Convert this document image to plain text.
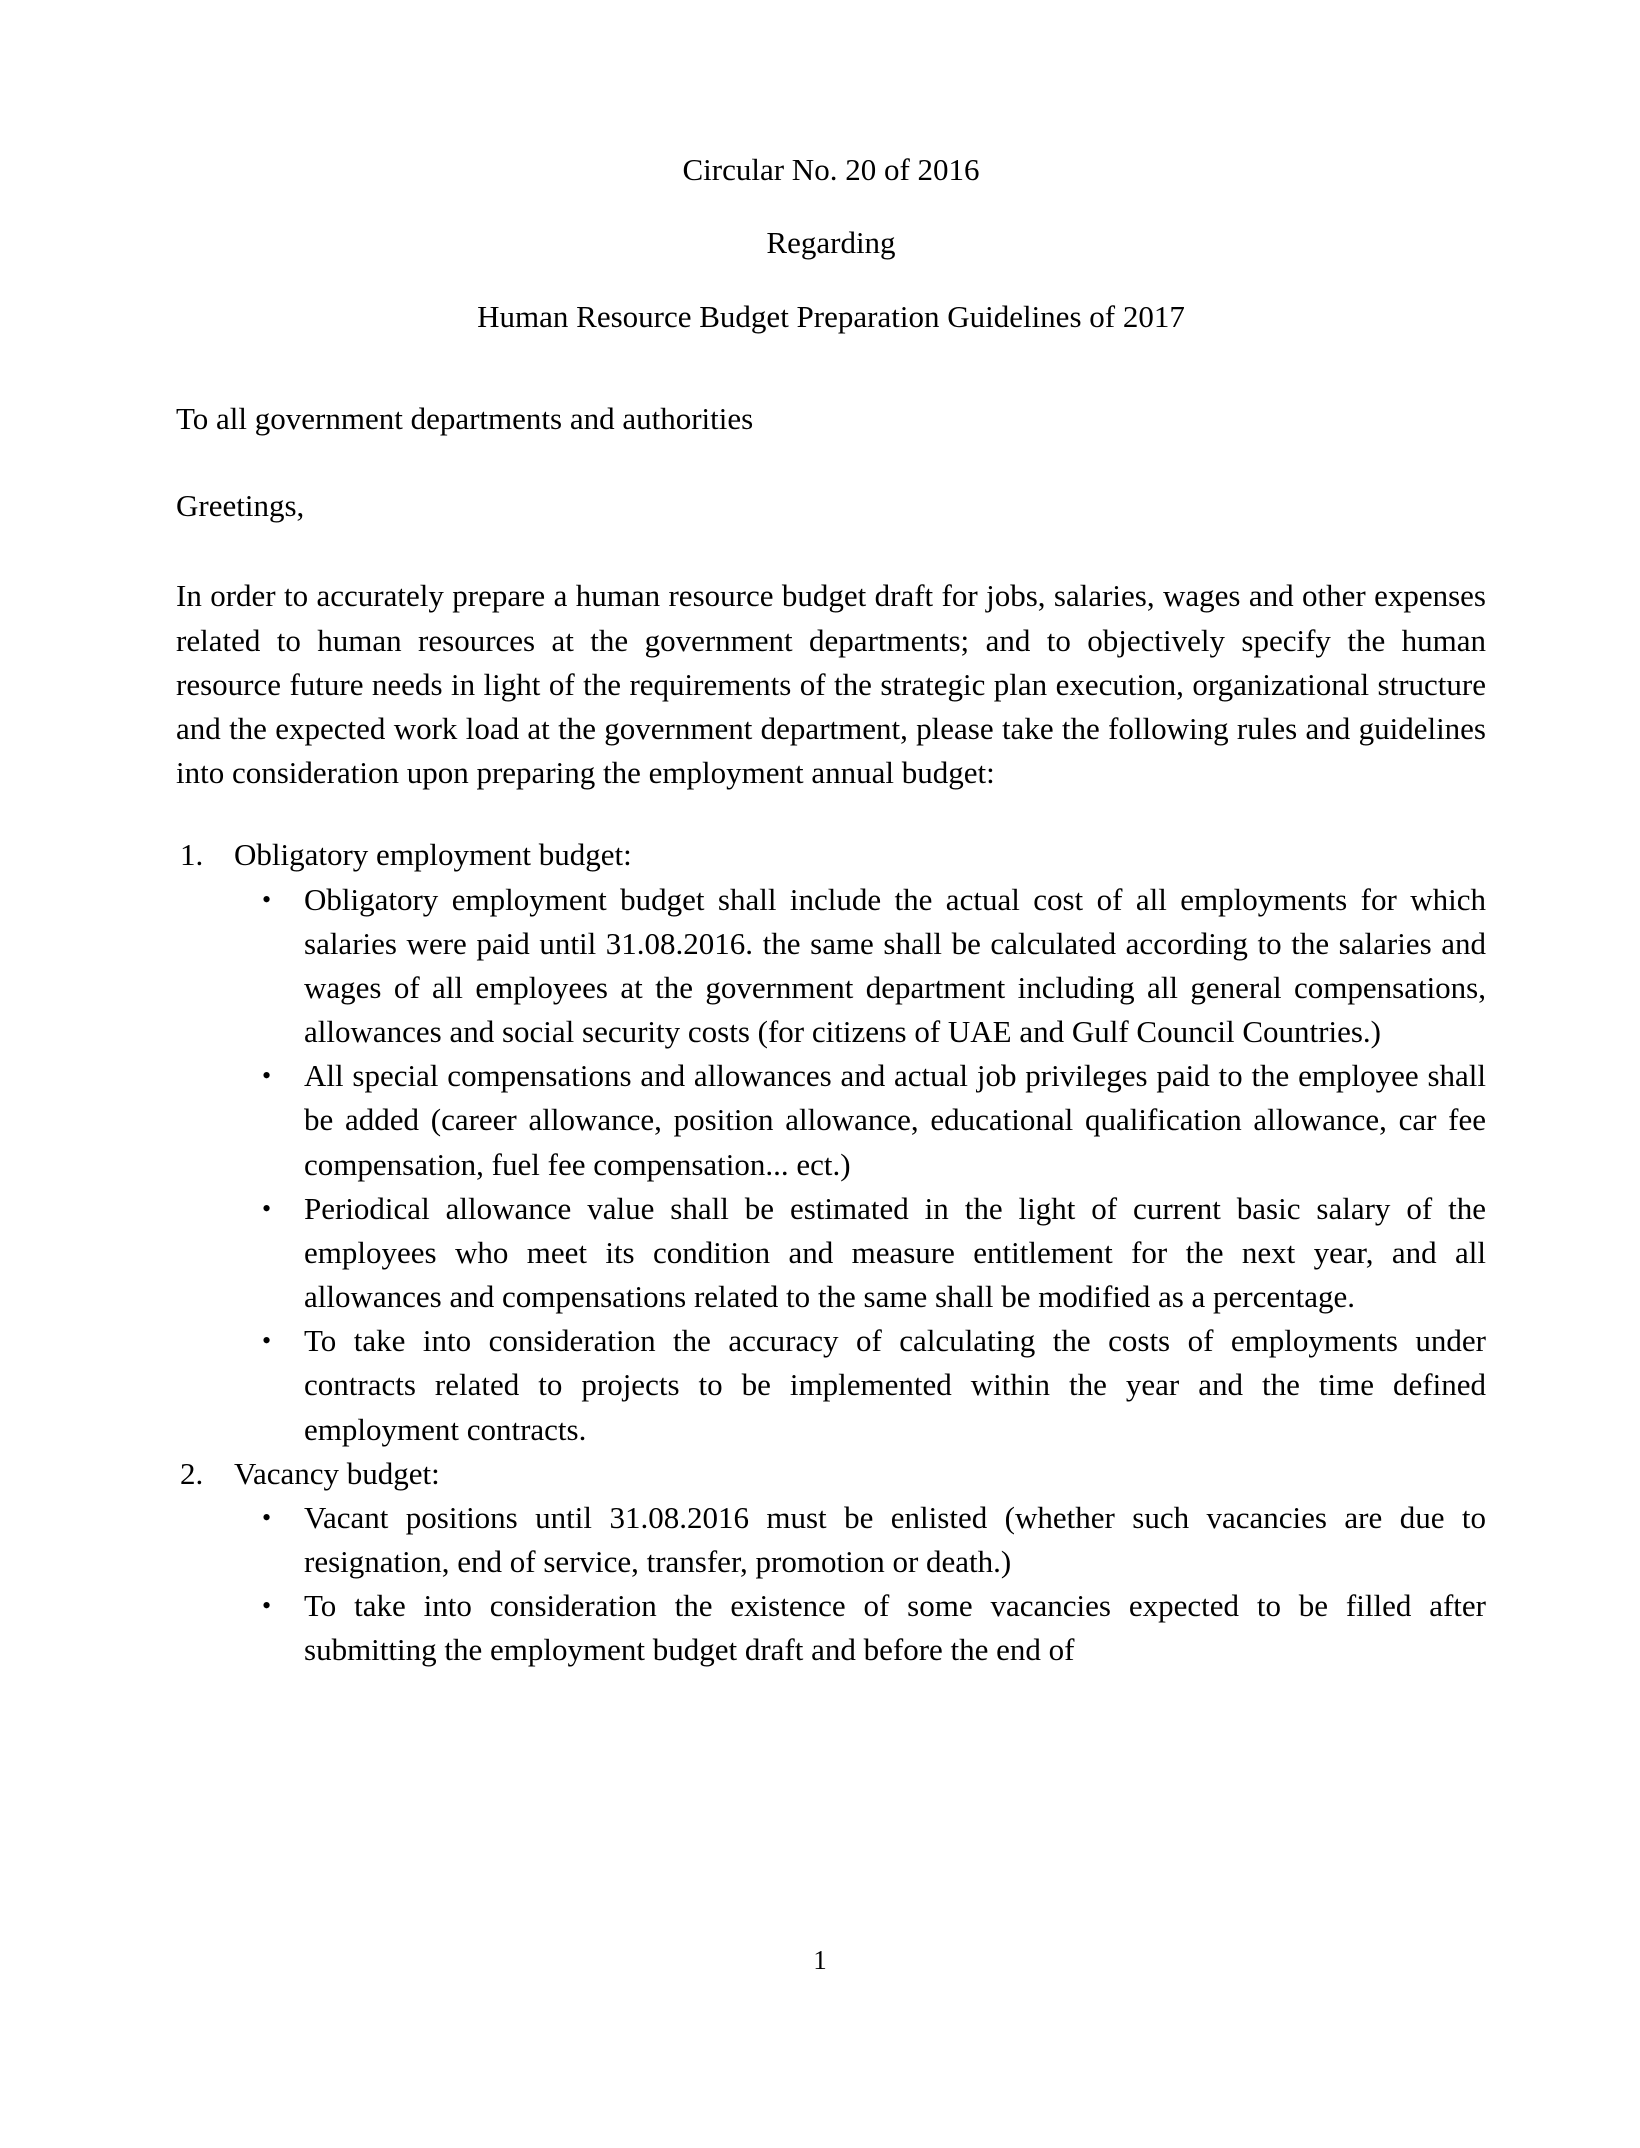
Circular No. 20 of 2016
Regarding
Human Resource Budget Preparation Guidelines of 2017
To all government departments and authorities
Greetings,

In order to accurately prepare a human resource budget draft for jobs, salaries, wages and other expenses related to human resources at the government departments; and to objectively specify the human resource future needs in light of the requirements of the strategic plan execution, organizational structure and the expected work load at the government department, please take the following rules and guidelines into consideration upon preparing the employment annual budget:

1. Obligatory employment budget:
• Obligatory employment budget shall include the actual cost of all employments for which salaries were paid until 31.08.2016. the same shall be calculated according to the salaries and wages of all employees at the government department including all general compensations, allowances and social security costs (for citizens of UAE and Gulf Council Countries.)
• All special compensations and allowances and actual job privileges paid to the employee shall be added (career allowance, position allowance, educational qualification allowance, car fee compensation, fuel fee compensation... ect.)
• Periodical allowance value shall be estimated in the light of current basic salary of the employees who meet its condition and measure entitlement for the next year, and all allowances and compensations related to the same shall be modified as a percentage.
• To take into consideration the accuracy of calculating the costs of employments under contracts related to projects to be implemented within the year and the time defined employment contracts.
2. Vacancy budget:
• Vacant positions until 31.08.2016 must be enlisted (whether such vacancies are due to resignation, end of service, transfer, promotion or death.)
• To take into consideration the existence of some vacancies expected to be filled after submitting the employment budget draft and before the end of
1
